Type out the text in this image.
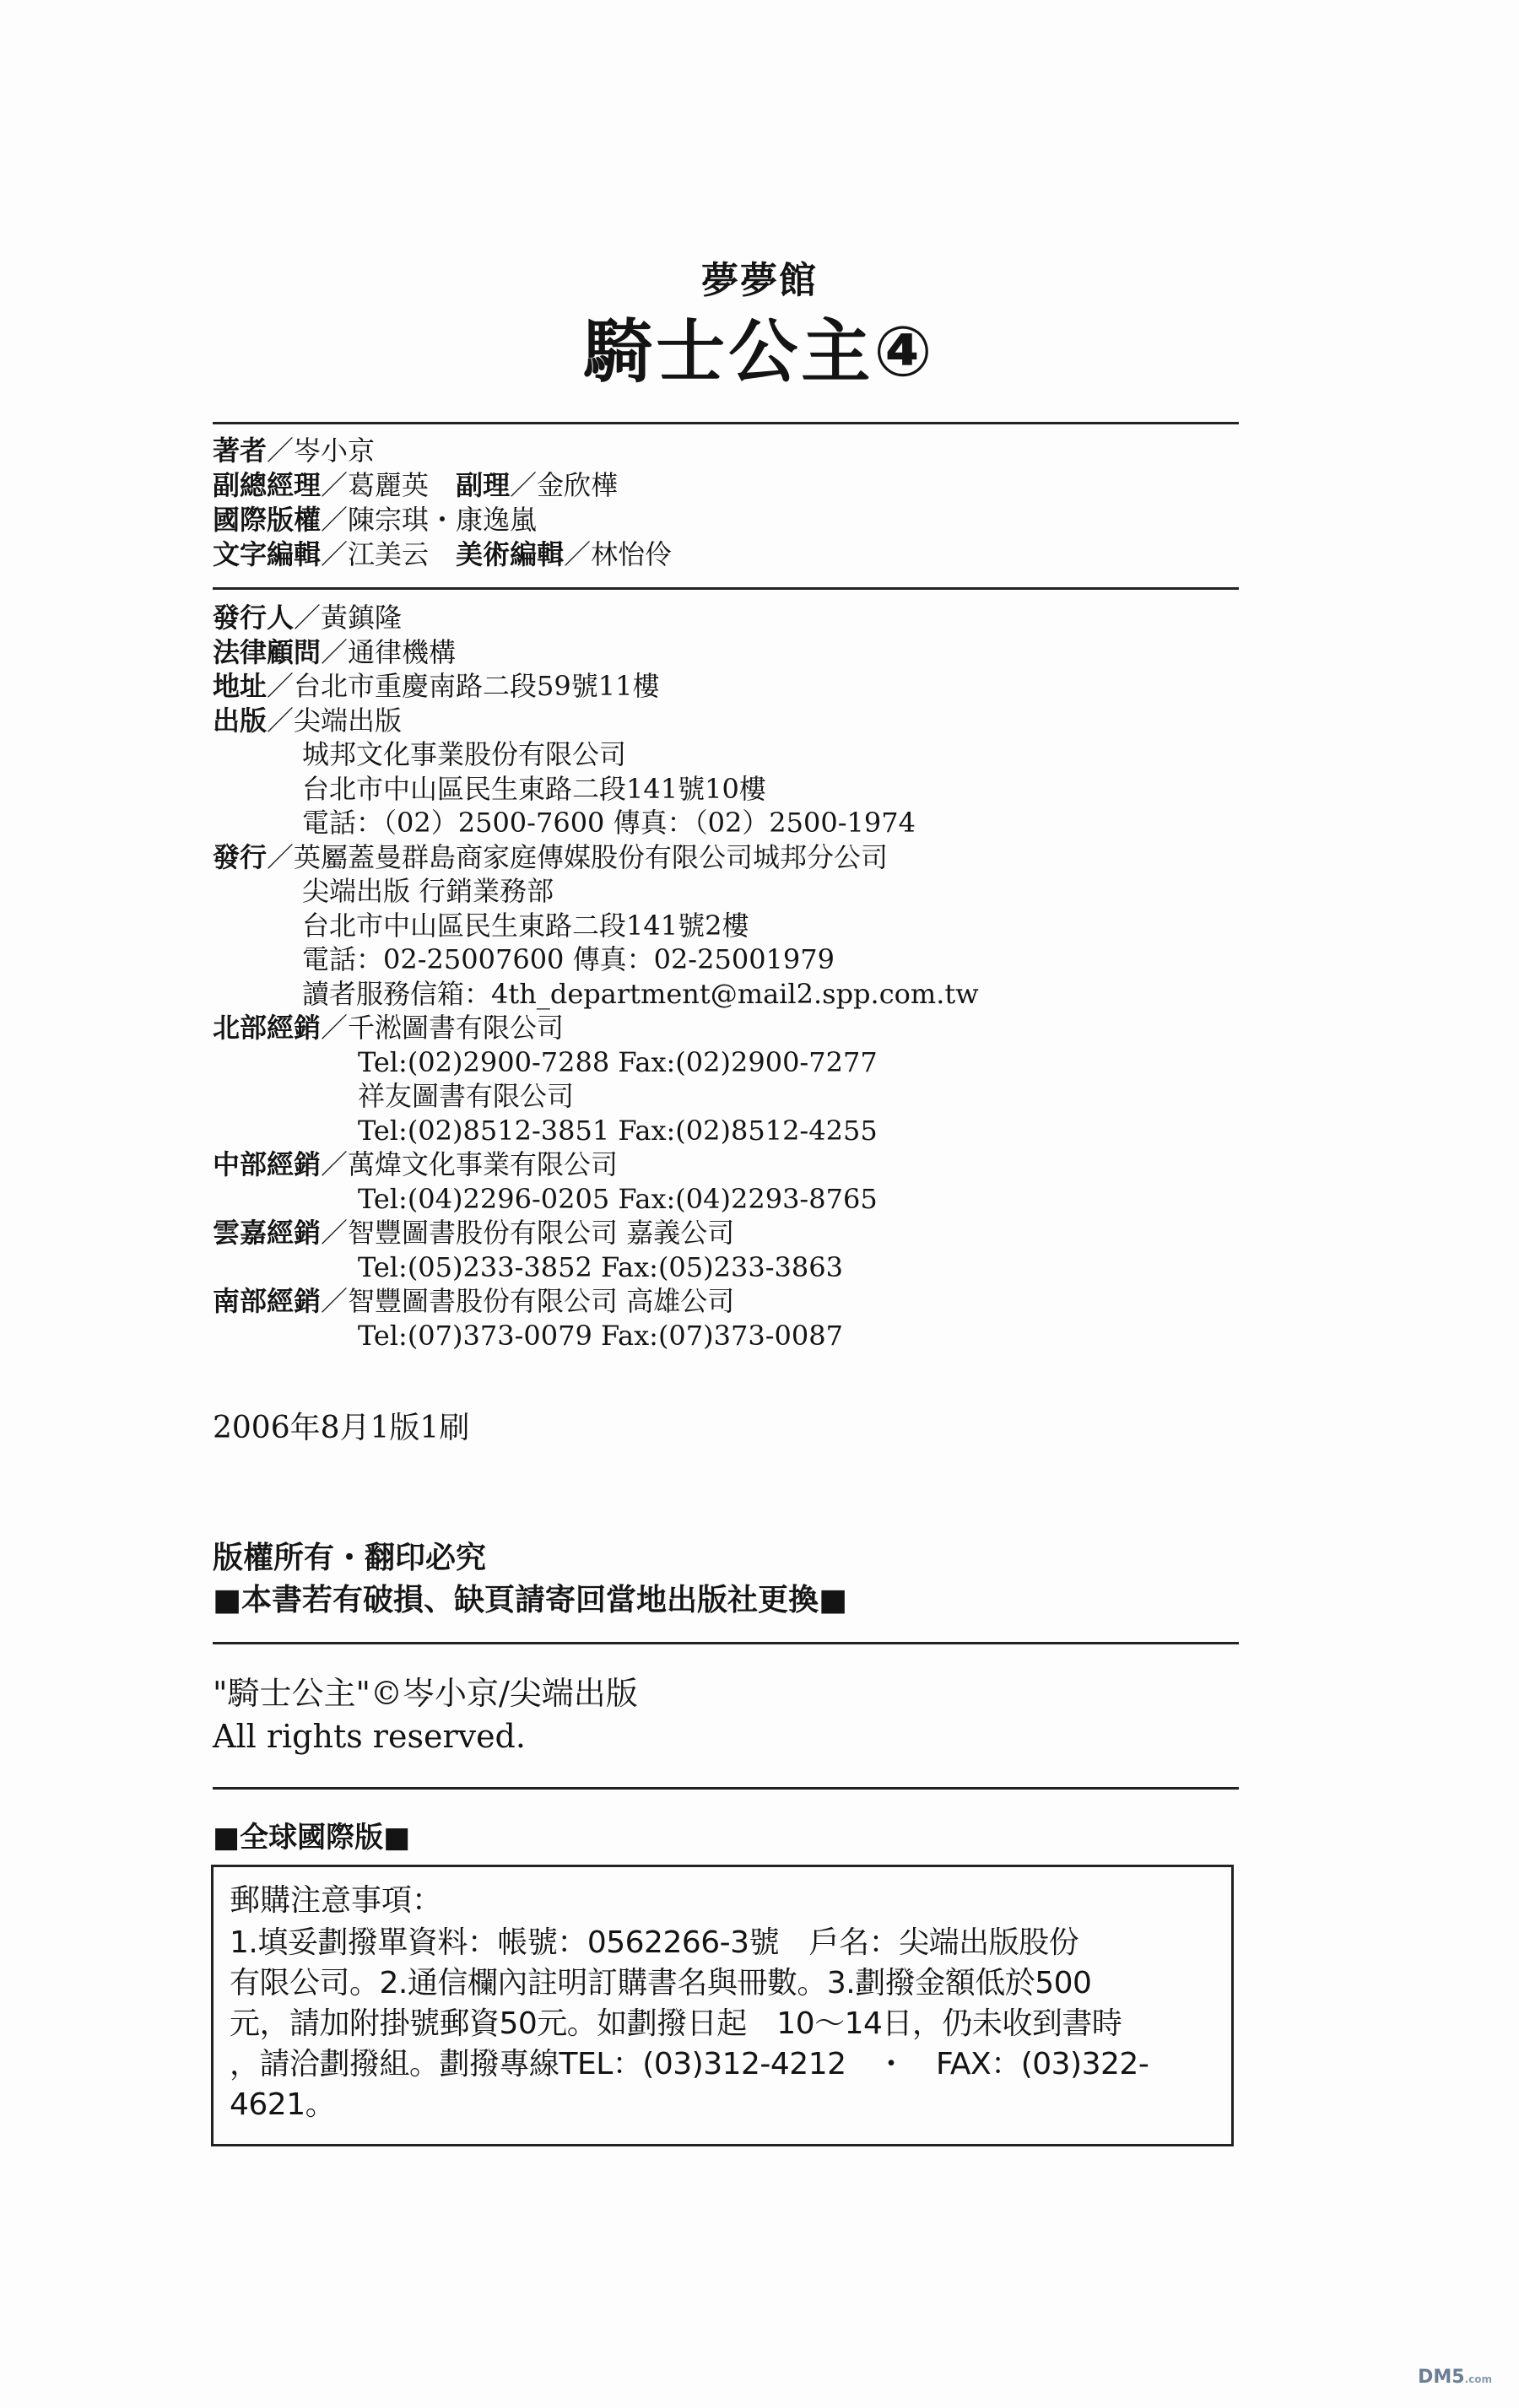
夢夢館
騎士公主④
著者／岑小京
副總經理／葛麗英　 副理／金欣樺
國際版權／陳宗琪・康逸嵐
文字編輯／江美云　 美術編輯／林怡伶
發行人／黃鎮隆
法律顧問／通律機構
地址／台北市重慶南路二段59號11樓
出版／尖端出版
城邦文化事業股份有限公司
台北市中山區民生東路二段141號10樓
電話：（02）2500-7600 傳真：（02）2500-1974
發行／英屬蓋曼群島商家庭傳媒股份有限公司城邦分公司
尖端出版 行銷業務部
台北市中山區民生東路二段141號2樓
電話：02-25007600 傳真：02-25001979
讀者服務信箱：4th_department@mail2.spp.com.tw
北部經銷／千淞圖書有限公司
Tel:(02)2900-7288 Fax:(02)2900-7277
祥友圖書有限公司
Tel:(02)8512-3851 Fax:(02)8512-4255
中部經銷／萬煒文化事業有限公司
Tel:(04)2296-0205 Fax:(04)2293-8765
雲嘉經銷／智豐圖書股份有限公司 嘉義公司
Tel:(05)233-3852 Fax:(05)233-3863
南部經銷／智豐圖書股份有限公司 高雄公司
Tel:(07)373-0079 Fax:(07)373-0087
2006年8月1版1刷
版權所有・翻印必究
■本書若有破損、缺頁請寄回當地出版社更換■
"騎士公主"©岑小京/尖端出版
All rights reserved.
■全球國際版■
郵購注意事項：
1.填妥劃撥單資料：帳號：0562266-3號　戶名：尖端出版股份
有限公司。2.通信欄內註明訂購書名與冊數。3.劃撥金額低於500
元，請加附掛號郵資50元。如劃撥日起　10～14日，仍未收到書時
，請洽劃撥組。劃撥專線TEL：(03)312-4212　・　FAX：(03)322-
4621。
DM5.com
